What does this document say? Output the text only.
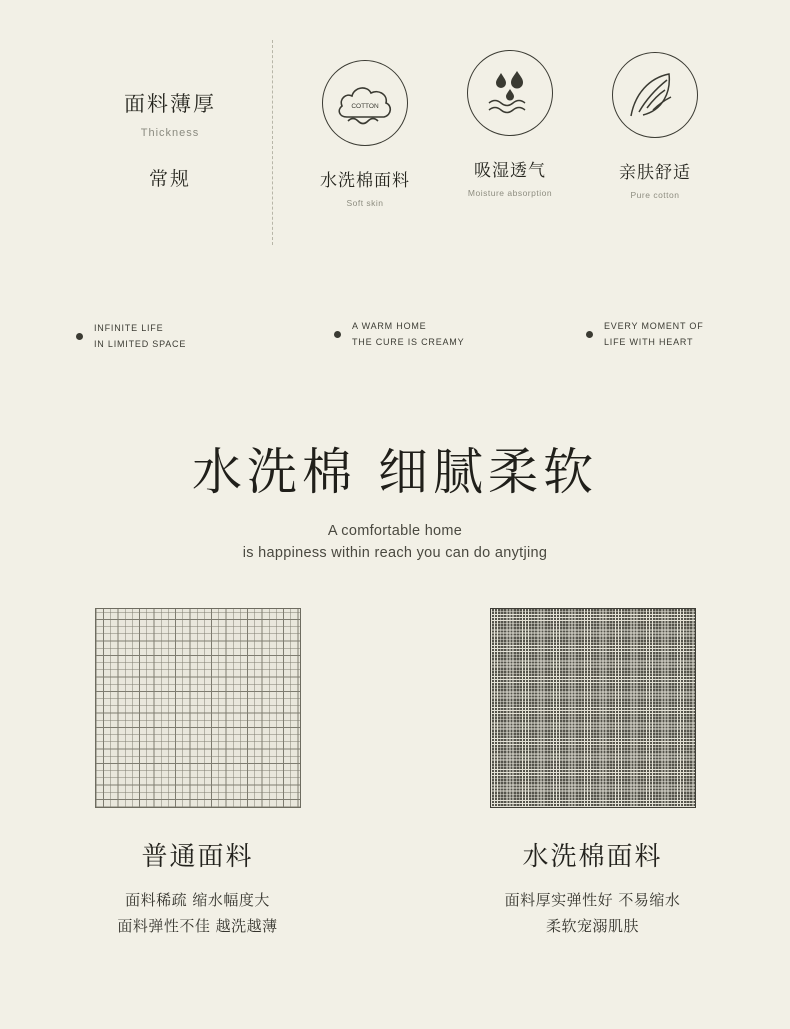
面料薄厚
Thickness
常规
COTTON
水洗棉面料
Soft skin
吸湿透气
Moisture absorption
亲肤舒适
Pure cotton
INFINITE LIFE
IN LIMITED SPACE
A WARM HOME
THE CURE IS CREAMY
EVERY MOMENT OF
LIFE WITH HEART
水洗棉 细腻柔软
A comfortable home
is happiness within reach you can do anytjing
普通面料
面料稀疏 缩水幅度大
面料弹性不佳 越洗越薄
水洗棉面料
面料厚实弹性好 不易缩水
柔软宠溺肌肤
